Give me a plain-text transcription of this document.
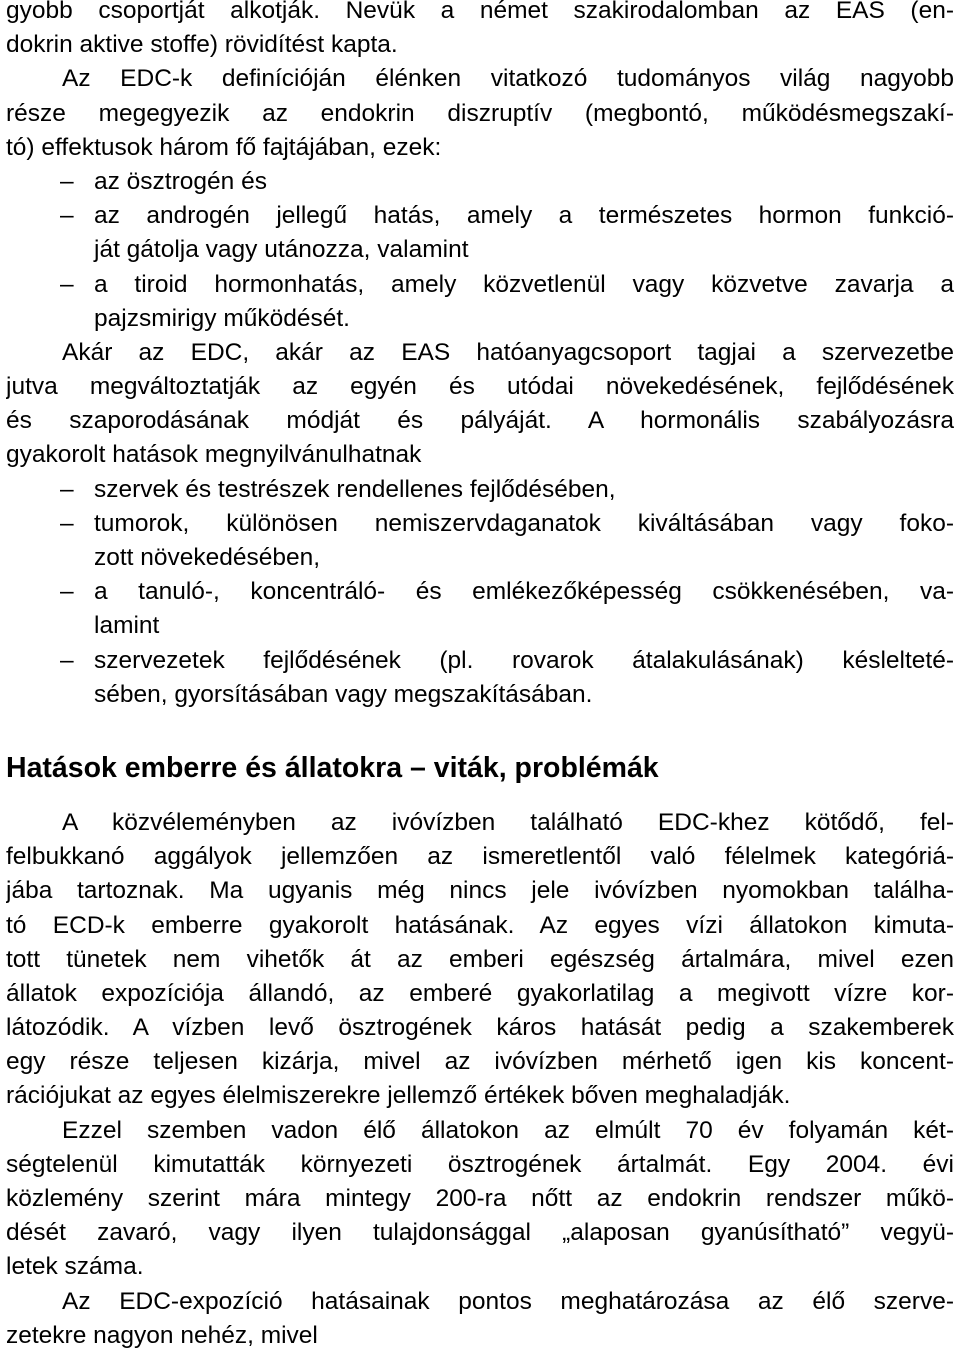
gyobb csoportját alkotják. Nevük a német szakirodalomban az EAS (en-
dokrin aktive stoffe) rövidítést kapta.
Az EDC-k definícióján élénken vitatkozó tudományos világ nagyobb
része megegyezik az endokrin diszruptív (megbontó, működésmegszakí-
tó) effektusok három fő fajtájában, ezek:
– az ösztrogén és
– az androgén jellegű hatás, amely a természetes hormon funkció-
ját gátolja vagy utánozza, valamint
– a tiroid hormonhatás, amely közvetlenül vagy közvetve zavarja a
pajzsmirigy működését.
Akár az EDC, akár az EAS hatóanyagcsoport tagjai a szervezetbe
jutva megváltoztatják az egyén és utódai növekedésének, fejlődésének
és szaporodásának módját és pályáját. A hormonális szabályozásra
gyakorolt hatások megnyilvánulhatnak
– szervek és testrészek rendellenes fejlődésében,
– tumorok, különösen nemiszervdaganatok kiváltásában vagy foko-
zott növekedésében,
– a tanuló-, koncentráló- és emlékezőképesség csökkenésében, va-
lamint
– szervezetek fejlődésének (pl. rovarok átalakulásának) késlelteté-
sében, gyorsításában vagy megszakításában.
Hatások emberre és állatokra – viták, problémák
A közvéleményben az ivóvízben található EDC-khez kötődő, fel-
felbukkanó aggályok jellemzően az ismeretlentől való félelmek kategóriá-
jába tartoznak. Ma ugyanis még nincs jele ivóvízben nyomokban találha-
tó ECD-k emberre gyakorolt hatásának. Az egyes vízi állatokon kimuta-
tott tünetek nem vihetők át az emberi egészség ártalmára, mivel ezen
állatok expozíciója állandó, az emberé gyakorlatilag a megivott vízre kor-
látozódik. A vízben levő ösztrogének káros hatását pedig a szakemberek
egy része teljesen kizárja, mivel az ivóvízben mérhető igen kis koncent-
rációjukat az egyes élelmiszerekre jellemző értékek bőven meghaladják.
Ezzel szemben vadon élő állatokon az elmúlt 70 év folyamán két-
ségtelenül kimutatták környezeti ösztrogének ártalmát. Egy 2004. évi
közlemény szerint mára mintegy 200-ra nőtt az endokrin rendszer műkö-
dését zavaró, vagy ilyen tulajdonsággal „alaposan gyanúsítható” vegyü-
letek száma.
Az EDC-expozíció hatásainak pontos meghatározása az élő szerve-
zetekre nagyon nehéz, mivel
